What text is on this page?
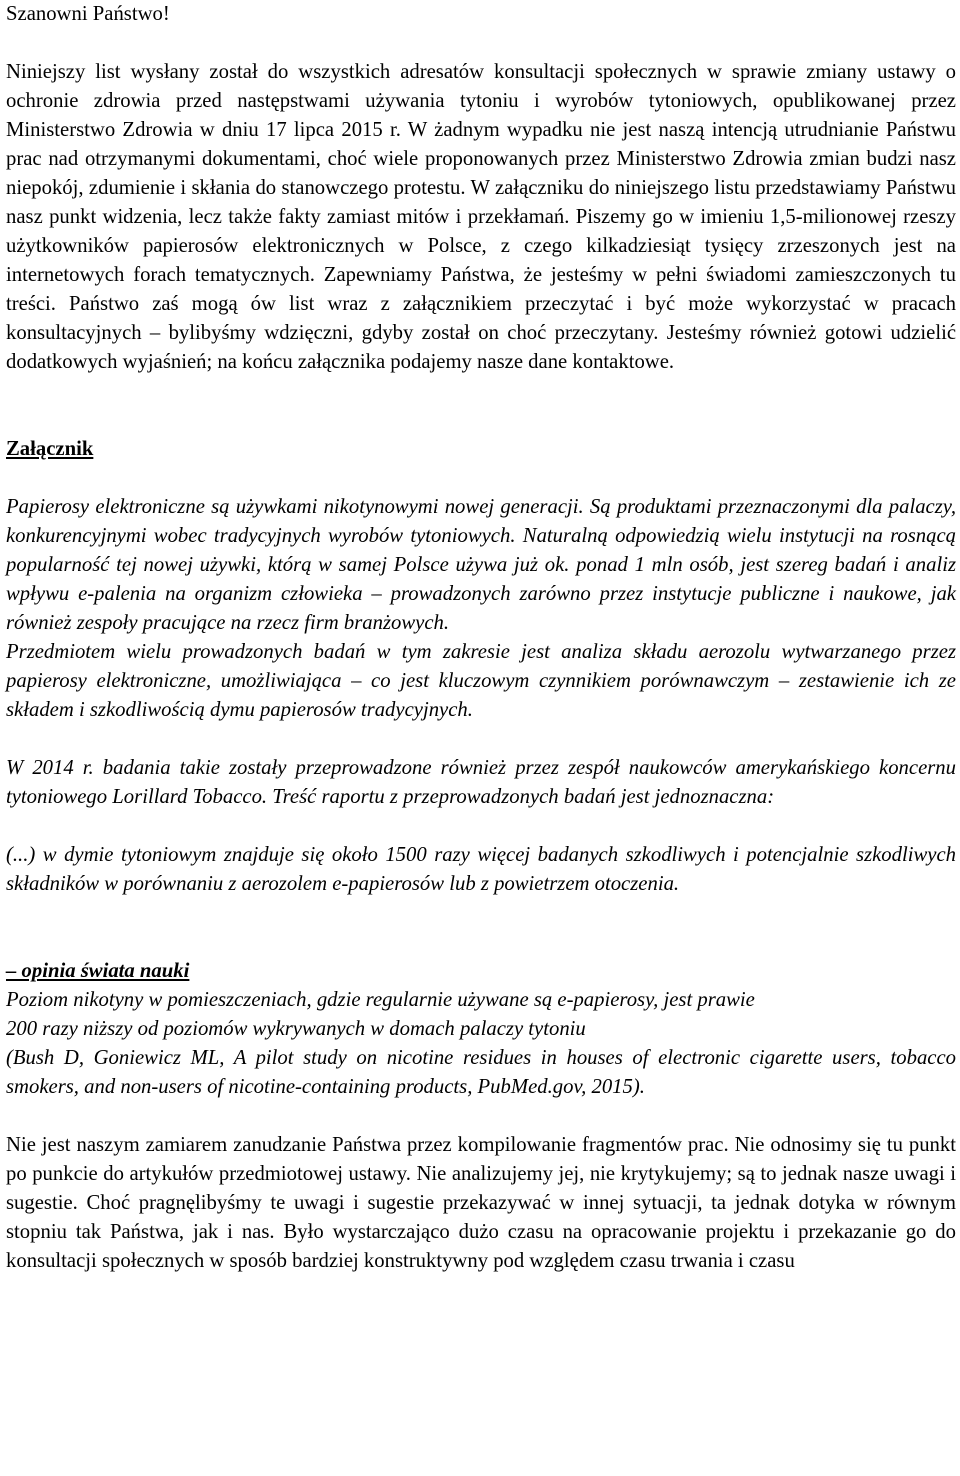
Szanowni Państwo!

Niniejszy list wysłany został do wszystkich adresatów konsultacji społecznych w sprawie zmiany ustawy o ochronie zdrowia przed następstwami używania tytoniu i wyrobów tytoniowych, opublikowanej przez Ministerstwo Zdrowia w dniu 17 lipca 2015 r. W żadnym wypadku nie jest naszą intencją utrudnianie Państwu prac nad otrzymanymi dokumentami, choć wiele proponowanych przez Ministerstwo Zdrowia zmian budzi nasz niepokój, zdumienie i skłania do stanowczego protestu. W załączniku do niniejszego listu przedstawiamy Państwu nasz punkt widzenia, lecz także fakty zamiast mitów i przekłamań. Piszemy go w imieniu 1,5-milionowej rzeszy użytkowników papierosów elektronicznych w Polsce, z czego kilkadziesiąt tysięcy zrzeszonych jest na internetowych forach tematycznych. Zapewniamy Państwa, że jesteśmy w pełni świadomi zamieszczonych tu treści. Państwo zaś mogą ów list wraz z załącznikiem przeczytać i być może wykorzystać w pracach konsultacyjnych – bylibyśmy wdzięczni, gdyby został on choć przeczytany. Jesteśmy również gotowi udzielić dodatkowych wyjaśnień; na końcu załącznika podajemy nasze dane kontaktowe.

Załącznik

Papierosy elektroniczne są używkami nikotynowymi nowej generacji. Są produktami przeznaczonymi dla palaczy, konkurencyjnymi wobec tradycyjnych wyrobów tytoniowych. Naturalną odpowiedzią wielu instytucji na rosnącą popularność tej nowej używki, którą w samej Polsce używa już ok. ponad 1 mln osób, jest szereg badań i analiz wpływu e-palenia na organizm człowieka – prowadzonych zarówno przez instytucje publiczne i naukowe, jak również zespoły pracujące na rzecz firm branżowych.

Przedmiotem wielu prowadzonych badań w tym zakresie jest analiza składu aerozolu wytwarzanego przez papierosy elektroniczne, umożliwiająca – co jest kluczowym czynnikiem porównawczym – zestawienie ich ze składem i szkodliwością dymu papierosów tradycyjnych.

W 2014 r. badania takie zostały przeprowadzone również przez zespół naukowców amerykańskiego koncernu tytoniowego Lorillard Tobacco. Treść raportu z przeprowadzonych badań jest jednoznaczna:

(...) w dymie tytoniowym znajduje się około 1500 razy więcej badanych szkodliwych i potencjalnie szkodliwych składników w porównaniu z aerozolem e-papierosów lub z powietrzem otoczenia.

– opinia świata nauki

Poziom nikotyny w pomieszczeniach, gdzie regularnie używane są e-papierosy, jest prawie

200 razy niższy od poziomów wykrywanych w domach palaczy tytoniu

(Bush D, Goniewicz ML, A pilot study on nicotine residues in houses of electronic cigarette users, tobacco smokers, and non-users of nicotine-containing products, PubMed.gov, 2015).

Nie jest naszym zamiarem zanudzanie Państwa przez kompilowanie fragmentów prac. Nie odnosimy się tu punkt po punkcie do artykułów przedmiotowej ustawy. Nie analizujemy jej, nie krytykujemy; są to jednak nasze uwagi i sugestie. Choć pragnęlibyśmy te uwagi i sugestie przekazywać w innej sytuacji, ta jednak dotyka w równym stopniu tak Państwa, jak i nas. Było wystarczająco dużo czasu na opracowanie projektu i przekazanie go do konsultacji społecznych w sposób bardziej konstruktywny pod względem czasu trwania i czasu
